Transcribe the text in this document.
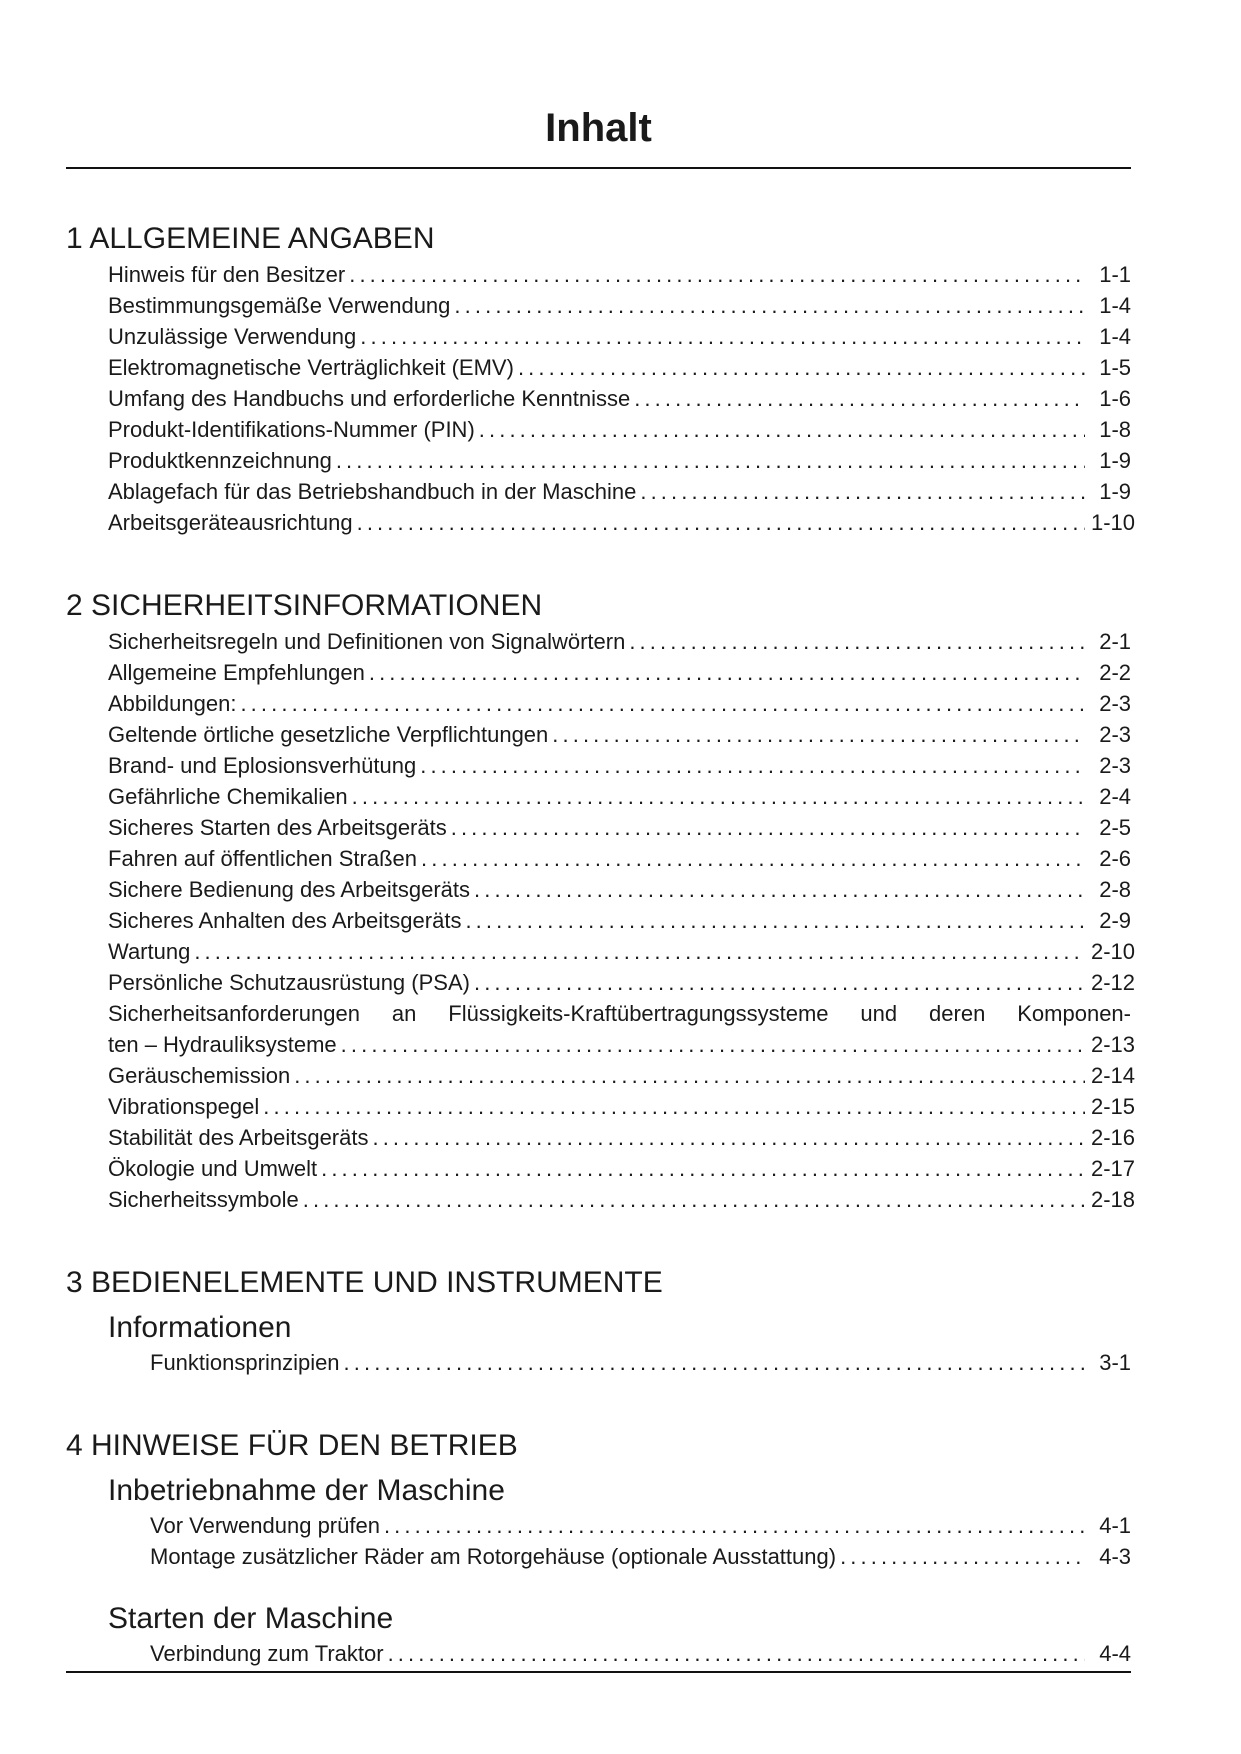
Inhalt
1 ALLGEMEINE ANGABEN
Hinweis für den Besitzer . . .	1-1
Bestimmungsgemäße Verwendung . . .	1-4
Unzulässige Verwendung . . .	1-4
Elektromagnetische Verträglichkeit (EMV) . . .	1-5
Umfang des Handbuchs und erforderliche Kenntnisse . . .	1-6
Produkt-Identifikations-Nummer (PIN) . . .	1-8
Produktkennzeichnung . . .	1-9
Ablagefach für das Betriebshandbuch in der Maschine . . .	1-9
Arbeitsgeräteausrichtung . . .	1-10
2 SICHERHEITSINFORMATIONEN
Sicherheitsregeln und Definitionen von Signalwörtern . . .	2-1
Allgemeine Empfehlungen . . .	2-2
Abbildungen: . . .	2-3
Geltende örtliche gesetzliche Verpflichtungen . . .	2-3
Brand- und Eplosionsverhütung . . .	2-3
Gefährliche Chemikalien . . .	2-4
Sicheres Starten des Arbeitsgeräts . . .	2-5
Fahren auf öffentlichen Straßen . . .	2-6
Sichere Bedienung des Arbeitsgeräts . . .	2-8
Sicheres Anhalten des Arbeitsgeräts . . .	2-9
Wartung . . .	2-10
Persönliche Schutzausrüstung (PSA) . . .	2-12
Sicherheitsanforderungen an Flüssigkeits-Kraftübertragungssysteme und deren Komponen-
ten – Hydrauliksysteme . . .	2-13
Geräuschemission . . .	2-14
Vibrationspegel . . .	2-15
Stabilität des Arbeitsgeräts . . .	2-16
Ökologie und Umwelt . . .	2-17
Sicherheitssymbole . . .	2-18
3 BEDIENELEMENTE UND INSTRUMENTE
Informationen
Funktionsprinzipien . . .	3-1
4 HINWEISE FÜR DEN BETRIEB
Inbetriebnahme der Maschine
Vor Verwendung prüfen . . .	4-1
Montage zusätzlicher Räder am Rotorgehäuse (optionale Ausstattung) . . .	4-3
Starten der Maschine
Verbindung zum Traktor . . .	4-4
